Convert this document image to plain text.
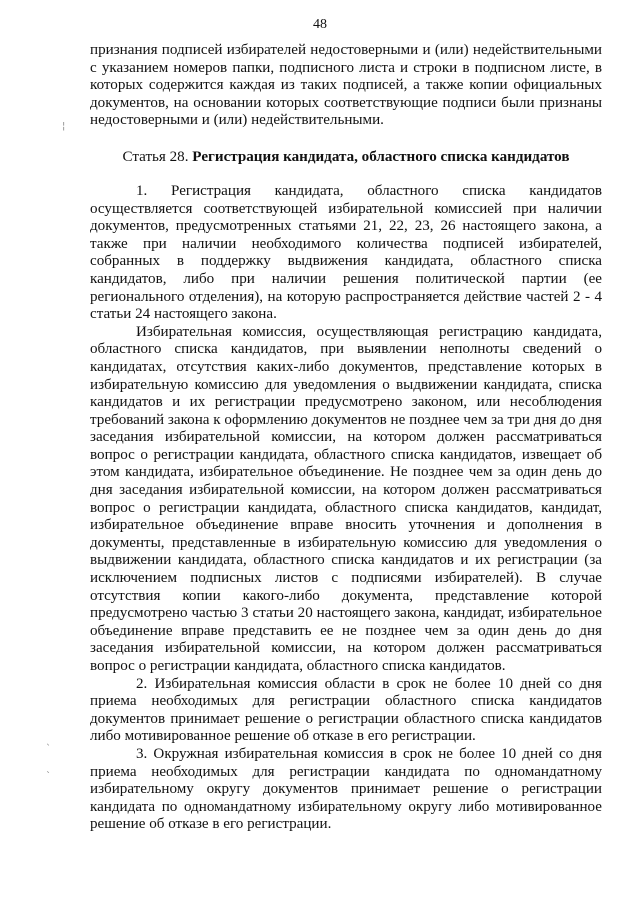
48
¦
ˎ
ˋ

признания подписей избирателей недостоверными и (или) недействительными с указанием номеров папки, подписного листа и строки в подписном листе, в которых содержится каждая из таких подписей, а также копии официальных документов, на основании которых соответствующие подписи были признаны недостоверными и (или) недействительными.

Статья 28. Регистрация кандидата, областного списка кандидатов

1. Регистрация кандидата, областного списка кандидатов осуществляется соответствующей избирательной комиссией при наличии документов, предусмотренных статьями 21, 22, 23, 26 настоящего закона, а также при наличии необходимого количества подписей избирателей, собранных в поддержку выдвижения кандидата, областного списка кандидатов, либо при наличии решения политической партии (ее регионального отделения), на которую распространяется действие частей 2 - 4 статьи 24 настоящего закона.

Избирательная комиссия, осуществляющая регистрацию кандидата, областного списка кандидатов, при выявлении неполноты сведений о кандидатах, отсутствия каких-либо документов, представление которых в избирательную комиссию для уведомления о выдвижении кандидата, списка кандидатов и их регистрации предусмотрено законом, или несоблюдения требований закона к оформлению документов не позднее чем за три дня до дня заседания избирательной комиссии, на котором должен рассматриваться вопрос о регистрации кандидата, областного списка кандидатов, извещает об этом кандидата, избирательное объединение. Не позднее чем за один день до дня заседания избирательной комиссии, на котором должен рассматриваться вопрос о регистрации кандидата, областного списка кандидатов, кандидат, избирательное объединение вправе вносить уточнения и дополнения в документы, представленные в избирательную комиссию для уведомления о выдвижении кандидата, областного списка кандидатов и их регистрации (за исключением подписных листов с подписями избирателей). В случае отсутствия копии какого-либо документа, представление которой предусмотрено частью 3 статьи 20 настоящего закона, кандидат, избирательное объединение вправе представить ее не позднее чем за один день до дня заседания избирательной комиссии, на котором должен рассматриваться вопрос о регистрации кандидата, областного списка кандидатов.

2. Избирательная комиссия области в срок не более 10 дней со дня приема необходимых для регистрации областного списка кандидатов документов принимает решение о регистрации областного списка кандидатов либо мотивированное решение об отказе в его регистрации.

3. Окружная избирательная комиссия в срок не более 10 дней со дня приема необходимых для регистрации кандидата по одномандатному избирательному округу документов принимает решение о регистрации кандидата по одномандатному избирательному округу либо мотивированное решение об отказе в его регистрации.
